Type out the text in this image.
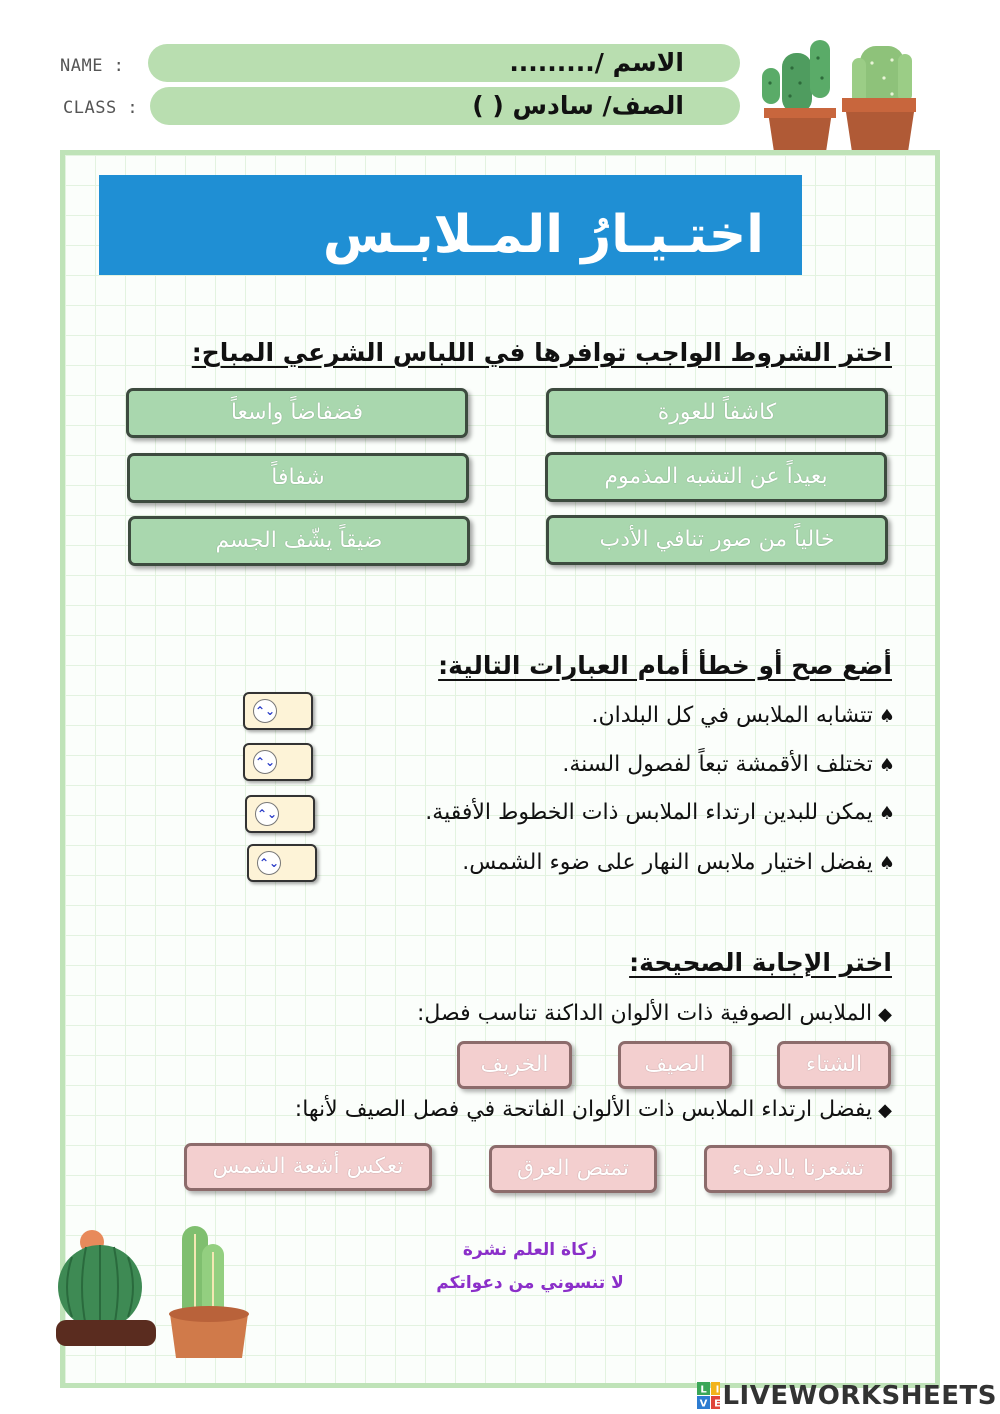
NAME :
CLASS :
الاسم /.........
الصف/ سادس ( )
اختـيـارُ المـلابـس
اختر الشروط الواجب توافرها في اللباس الشرعي المباح:
كاشفاً للعورة
فضفاضاً واسعاً
بعيداً عن التشبه المذموم
شفافاً
خالياً من صور تنافي الأدب
ضيقاً يشّف الجسم
أضع صح أو خطأ أمام العبارات التالية:
♠تتشابه الملابس في كل البلدان.
⌃⌄
♠تختلف الأقمشة تبعاً لفصول السنة.
⌃⌄
♠يمكن للبدين ارتداء الملابس ذات الخطوط الأفقية.
⌃⌄
♠يفضل اختيار ملابس النهار على ضوء الشمس.
⌃⌄
اختر الإجابة الصحيحة:
◆الملابس الصوفية ذات الألوان الداكنة تناسب فصل:
الشتاء
الصيف
الخريف
◆يفضل ارتداء الملابس ذات الألوان الفاتحة في فصل الصيف لأنها:
تشعرنا بالدفء
تمتص العرق
تعكس أشعة الشمس
زكاة العلم نشرة
لا تنسوني من دعواتكم
L I
V E LIVEWORKSHEETS
